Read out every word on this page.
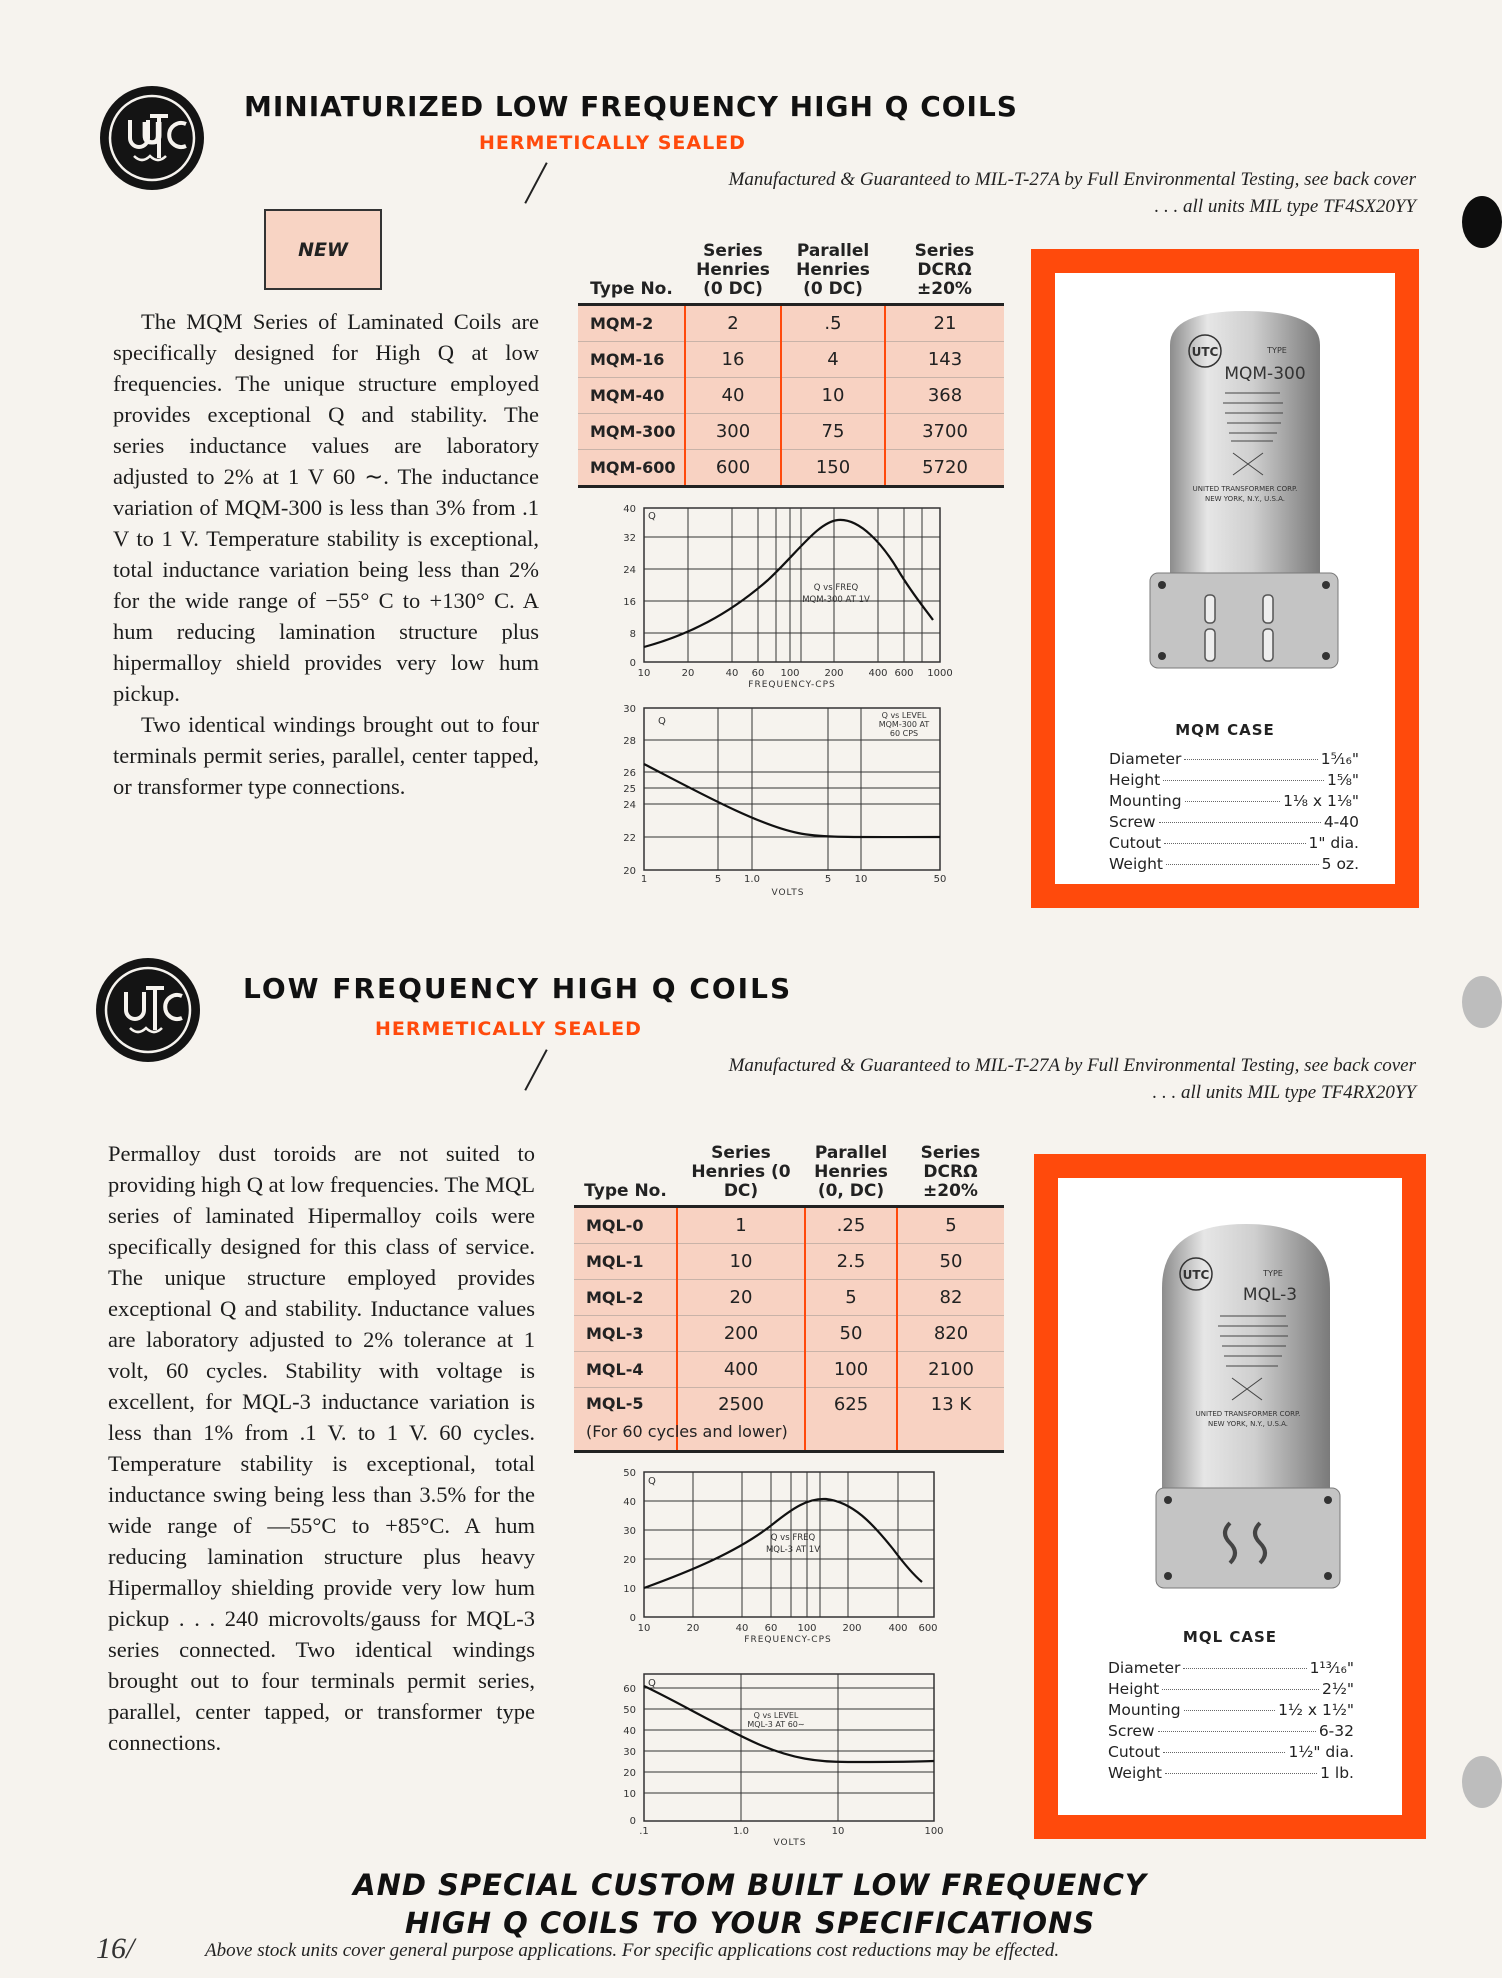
U
MINIATURIZED LOW FREQUENCY HIGH Q COILS
HERMETICALLY SEALED
Manufactured & Guaranteed to MIL-T-27A by Full Environmental Testing, see back cover
. . . all units MIL type TF4SX20YY
NEW

The MQM Series of Laminated Coils are specifically designed for High Q at low frequencies. The unique structure employed provides exceptional Q and stability. The series inductance values are laboratory adjusted to 2% at 1 V 60 ∼. The inductance variation of MQM-300 is less than 3% from .1 V to 1 V. Temperature stability is exceptional, total inductance variation being less than 2% for the wide range of −55° C to +130° C. A hum reducing lamination structure plus hipermalloy shield provides very low hum pickup.

Two identical windings brought out to four terminals permit series, parallel, center tapped, or transformer type connections.

Type No.	Series Henries (0 DC)	Parallel Henries (0 DC)	Series DCRΩ ±20%
MQM-2	2	.5	21
MQM-16	16	4	143
MQM-40	40	10	368
MQM-300	300	75	3700
MQM-600	600	150	5720
Q
40
32
24
16
8
0
10	20	40 60 100 200 400 600 1000
FREQUENCY-CPS
Q vs FREQ
MQM-300 AT 1V
Q
30
28
26
25
24
22
20
1	5 1.0	5 10	50
VOLTS
Q vs LEVEL
MQM-300 AT
60 CPS
UTC	TYPE
MQM-300
UNITED TRANSFORMER CORP.
NEW YORK, N.Y., U.S.A.
MQM CASE
Diameter	1⁵⁄₁₆"
Height	1⅝"
Mounting	1⅛ x 1⅛"
Screw	4-40
Cutout	1" dia.
Weight	5 oz.
LOW FREQUENCY HIGH Q COILS
HERMETICALLY SEALED
Manufactured & Guaranteed to MIL-T-27A by Full Environmental Testing, see back cover
. . . all units MIL type TF4RX20YY

Permalloy dust toroids are not suited to providing high Q at low frequencies. The MQL series of laminated Hipermalloy coils were specifically designed for this class of service. The unique structure employed provides exceptional Q and stability. Inductance values are laboratory adjusted to 2% tolerance at 1 volt, 60 cycles. Stability with voltage is excellent, for MQL-3 inductance variation is less than 1% from .1 V. to 1 V. 60 cycles. Temperature stability is exceptional, total inductance swing being less than 3.5% for the wide range of —55°C to +85°C. A hum reducing lamination structure plus heavy Hipermalloy shielding provide very low hum pickup . . . 240 microvolts/gauss for MQL-3 series connected. Two identical windings brought out to four terminals permit series, parallel, center tapped, or transformer type connections.

Type No.	Series Henries (0 DC)	Parallel Henries (0, DC)	Series DCRΩ ±20%
MQL-0	1	.25	5
MQL-1	10	2.5	50
MQL-2	20	5	82
MQL-3	200	50	820
MQL-4	400	100	2100
MQL-5	2500	625	13 K
(For 60 cycles and lower)
Q
50
40
30
20
10
0
10	20	40 60 100	200	400 600
FREQUENCY-CPS
Q vs FREQ
MQL-3 AT 1V
Q
60
50
40
30
20
10
0
.1	1.0	10	100
VOLTS
Q vs LEVEL
MQL-3 AT 60∼
UTC	TYPE
MQL-3
UNITED TRANSFORMER CORP.
NEW YORK, N.Y., U.S.A.
MQL CASE
Diameter	1¹³⁄₁₆"
Height	2½"
Mounting	1½ x 1½"
Screw	6-32
Cutout	1½" dia.
Weight	1 lb.
AND SPECIAL CUSTOM BUILT LOW FREQUENCY
HIGH Q COILS TO YOUR SPECIFICATIONS
16/	Above stock units cover general purpose applications. For specific applications cost reductions may be effected.
